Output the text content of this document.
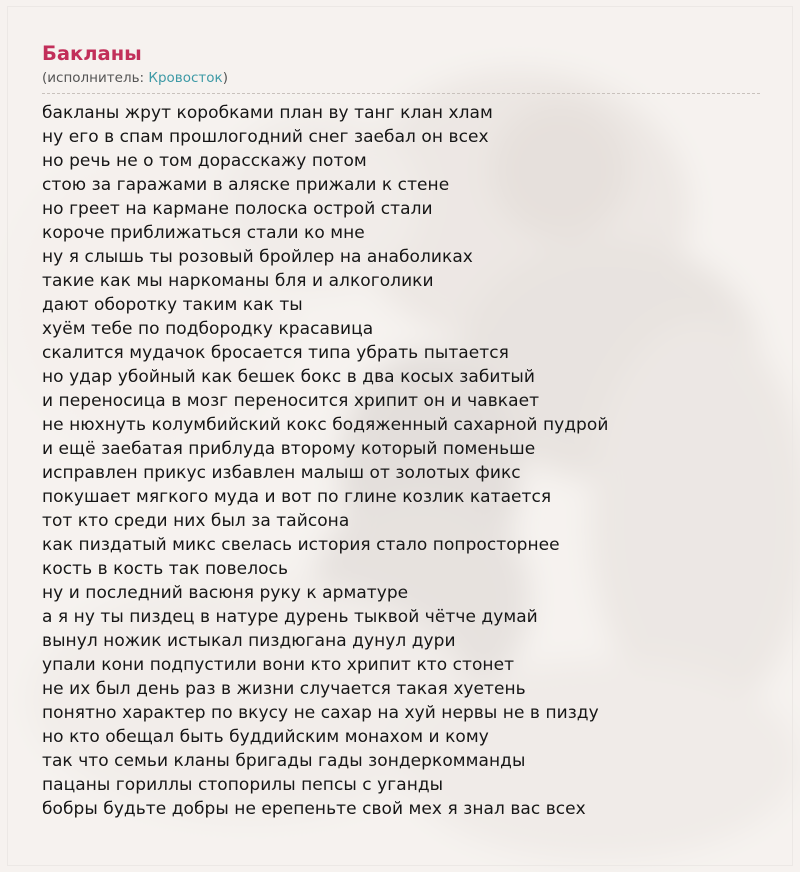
Бакланы
(исполнитель: Кровосток)
бакланы жрут коробками план ву танг клан хлам
ну его в спам прошлогодний снег заебал он всех
но речь не о том дорасскажу потом
стою за гаражами в аляске прижали к стене
но греет на кармане полоска острой стали
короче приближаться стали ко мне
ну я слышь ты розовый бройлер на анаболиках
такие как мы наркоманы бля и алкоголики
дают оборотку таким как ты
хуём тебе по подбородку красавица
скалится мудачок бросается типа убрать пытается
но удар убойный как бешек бокс в два косых забитый
и переносица в мозг переносится хрипит он и чавкает
не нюхнуть колумбийский кокс бодяженный сахарной пудрой
и ещё заебатая приблуда второму который поменьше
исправлен прикус избавлен малыш от золотых фикс
покушает мягкого муда и вот по глине козлик катается
тот кто среди них был за тайсона
как пиздатый микс свелась история стало попросторнее
кость в кость так повелось
ну и последний васюня руку к арматуре
а я ну ты пиздец в натуре дурень тыквой чётче думай
вынул ножик истыкал пиздюгана дунул дури
упали кони подпустили вони кто хрипит кто стонет
не их был день раз в жизни случается такая хуетень
понятно характер по вкусу не сахар на хуй нервы не в пизду
но кто обещал быть буддийским монахом и кому
так что семьи кланы бригады гады зондеркомманды
пацаны гориллы стопорилы пепсы с уганды
бобры будьте добры не ерепеньте свой мех я знал вас всех
